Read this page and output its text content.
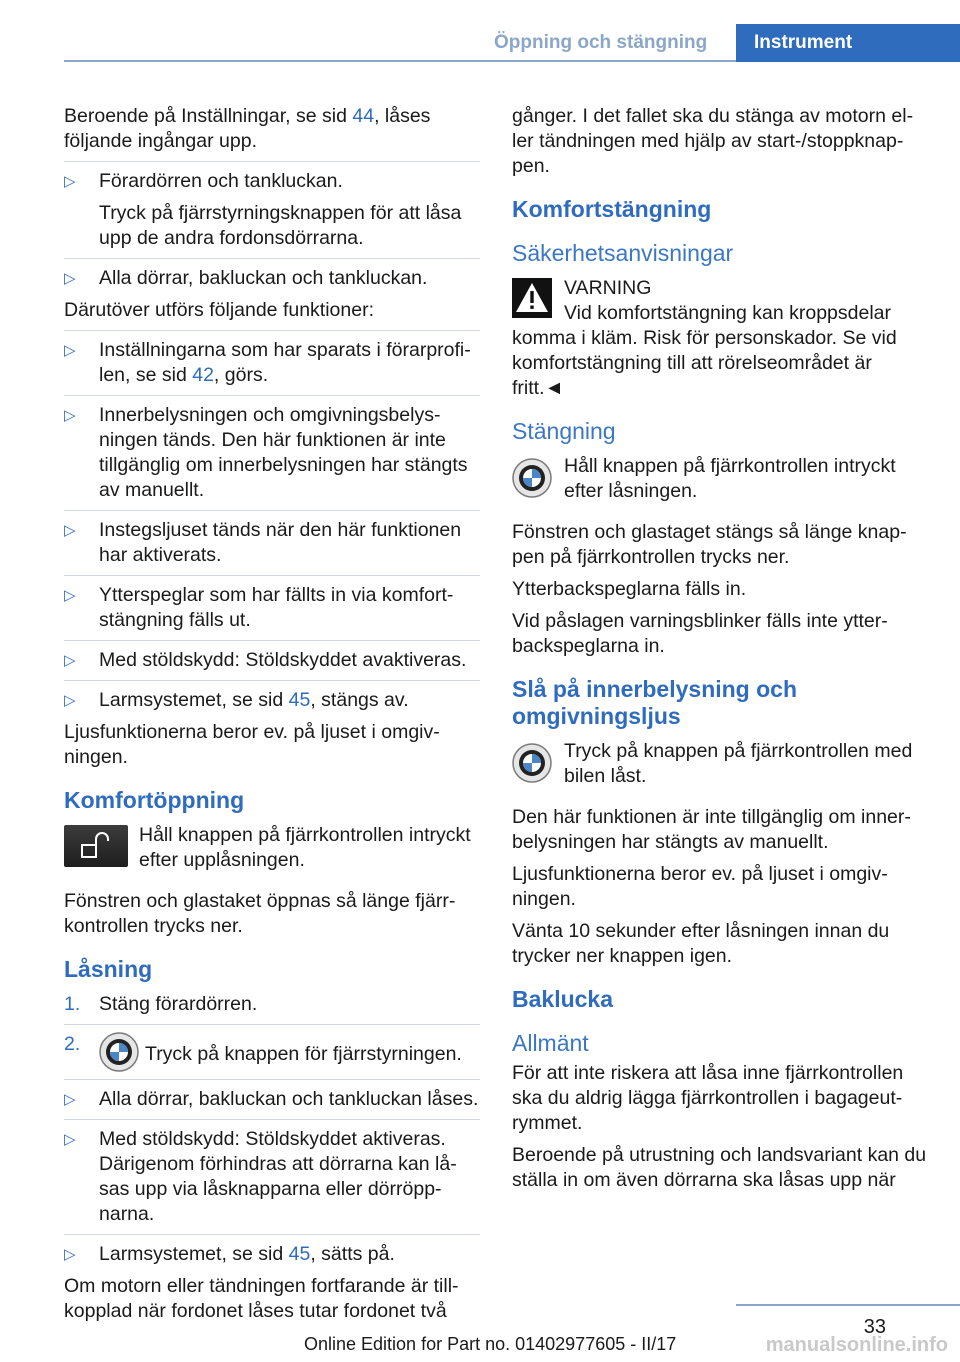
Öppning och stängning	Instrument

Beroende på Inställningar, se sid 44, låses följande ingångar upp.

▷ Förardörren och tankluckan.
Tryck på fjärrstyrningsknappen för att låsa upp de andra fordonsdörrarna.
▷ Alla dörrar, bakluckan och tankluckan.

Därutöver utförs följande funktioner:

▷ Inställningarna som har sparats i förarprofilen, se sid 42, görs.
▷ Innerbelysningen och omgivningsbelysningen tänds. Den här funktionen är inte tillgänglig om innerbelysningen har stängts av manuellt.
▷ Instegsljuset tänds när den här funktionen har aktiverats.
▷ Ytterspeglar som har fällts in via komfortstängning fälls ut.
▷ Med stöldskydd: Stöldskyddet avaktiveras.
▷ Larmsystemet, se sid 45, stängs av.

Ljusfunktionerna beror ev. på ljuset i omgivningen.

Komfortöppning
Håll knappen på fjärrkontrollen intryckt efter upplåsningen.

Fönstren och glastaket öppnas så länge fjärrkontrollen trycks ner.

Låsning
1. Stäng förardörren.
2.	Tryck på knappen för fjärrstyrningen.
▷ Alla dörrar, bakluckan och tankluckan låses.
▷ Med stöldskydd: Stöldskyddet aktiveras. Därigenom förhindras att dörrarna kan låsas upp via låsknapparna eller dörröppnarna.
▷ Larmsystemet, se sid 45, sätts på.

Om motorn eller tändningen fortfarande är tillkopplad när fordonet låses tutar fordonet två

gånger. I det fallet ska du stänga av motorn eller tändningen med hjälp av start-/stoppknappen.

Komfortstängning
Säkerhetsanvisningar
VARNING
Vid komfortstängning kan kroppsdelar komma i kläm. Risk för personskador. Se vid komfortstängning till att rörelseområdet är fritt.◄
Stängning
Håll knappen på fjärrkontrollen intryckt efter låsningen.

Fönstren och glastaget stängs så länge knappen på fjärrkontrollen trycks ner.

Ytterbackspeglarna fälls in.

Vid påslagen varningsblinker fälls inte ytterbackspeglarna in.

Slå på innerbelysning och omgivningsljus
Tryck på knappen på fjärrkontrollen med bilen låst.

Den här funktionen är inte tillgänglig om innerbelysningen har stängts av manuellt.

Ljusfunktionerna beror ev. på ljuset i omgivningen.

Vänta 10 sekunder efter låsningen innan du trycker ner knappen igen.

Baklucka
Allmänt

För att inte riskera att låsa inne fjärrkontrollen ska du aldrig lägga fjärrkontrollen i bagageutrymmet.

Beroende på utrustning och landsvariant kan du ställa in om även dörrarna ska låsas upp när

33
Online Edition for Part no. 01402977605 - II/17	manualsonline.info
